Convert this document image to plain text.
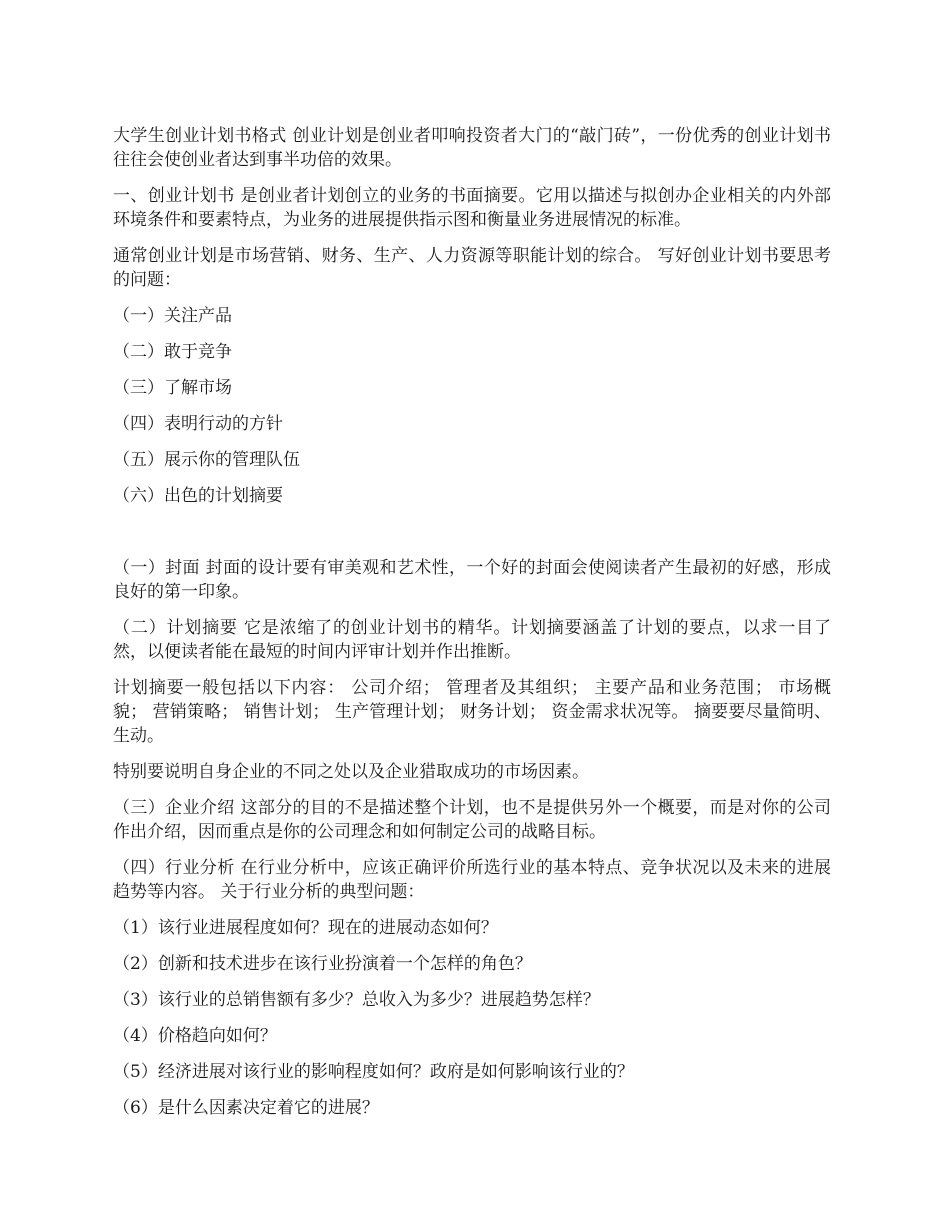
大学生创业计划书格式 创业计划是创业者叩响投资者大门的“敲门砖”，一份优秀的创业计划书往往会使创业者达到事半功倍的效果。

一、创业计划书 是创业者计划创立的业务的书面摘要。它用以描述与拟创办企业相关的内外部环境条件和要素特点，为业务的进展提供指示图和衡量业务进展情况的标准。

通常创业计划是市场营销、财务、生产、人力资源等职能计划的综合。 写好创业计划书要思考的问题：

（一）关注产品
（二）敢于竞争
（三）了解市场
（四）表明行动的方针
（五）展示你的管理队伍
（六）出色的计划摘要

（一）封面 封面的设计要有审美观和艺术性，一个好的封面会使阅读者产生最初的好感，形成良好的第一印象。

（二）计划摘要 它是浓缩了的创业计划书的精华。计划摘要涵盖了计划的要点，以求一目了然，以便读者能在最短的时间内评审计划并作出推断。

计划摘要一般包括以下内容： 公司介绍； 管理者及其组织； 主要产品和业务范围； 市场概貌； 营销策略； 销售计划； 生产管理计划； 财务计划； 资金需求状况等。 摘要要尽量简明、生动。

特别要说明自身企业的不同之处以及企业猎取成功的市场因素。

（三）企业介绍 这部分的目的不是描述整个计划，也不是提供另外一个概要，而是对你的公司作出介绍，因而重点是你的公司理念和如何制定公司的战略目标。

（四）行业分析 在行业分析中，应该正确评价所选行业的基本特点、竞争状况以及未来的进展趋势等内容。 关于行业分析的典型问题：

（1）该行业进展程度如何？现在的进展动态如何？
（2）创新和技术进步在该行业扮演着一个怎样的角色？
（3）该行业的总销售额有多少？总收入为多少？进展趋势怎样？
（4）价格趋向如何？
（5）经济进展对该行业的影响程度如何？政府是如何影响该行业的？
（6）是什么因素决定着它的进展？
